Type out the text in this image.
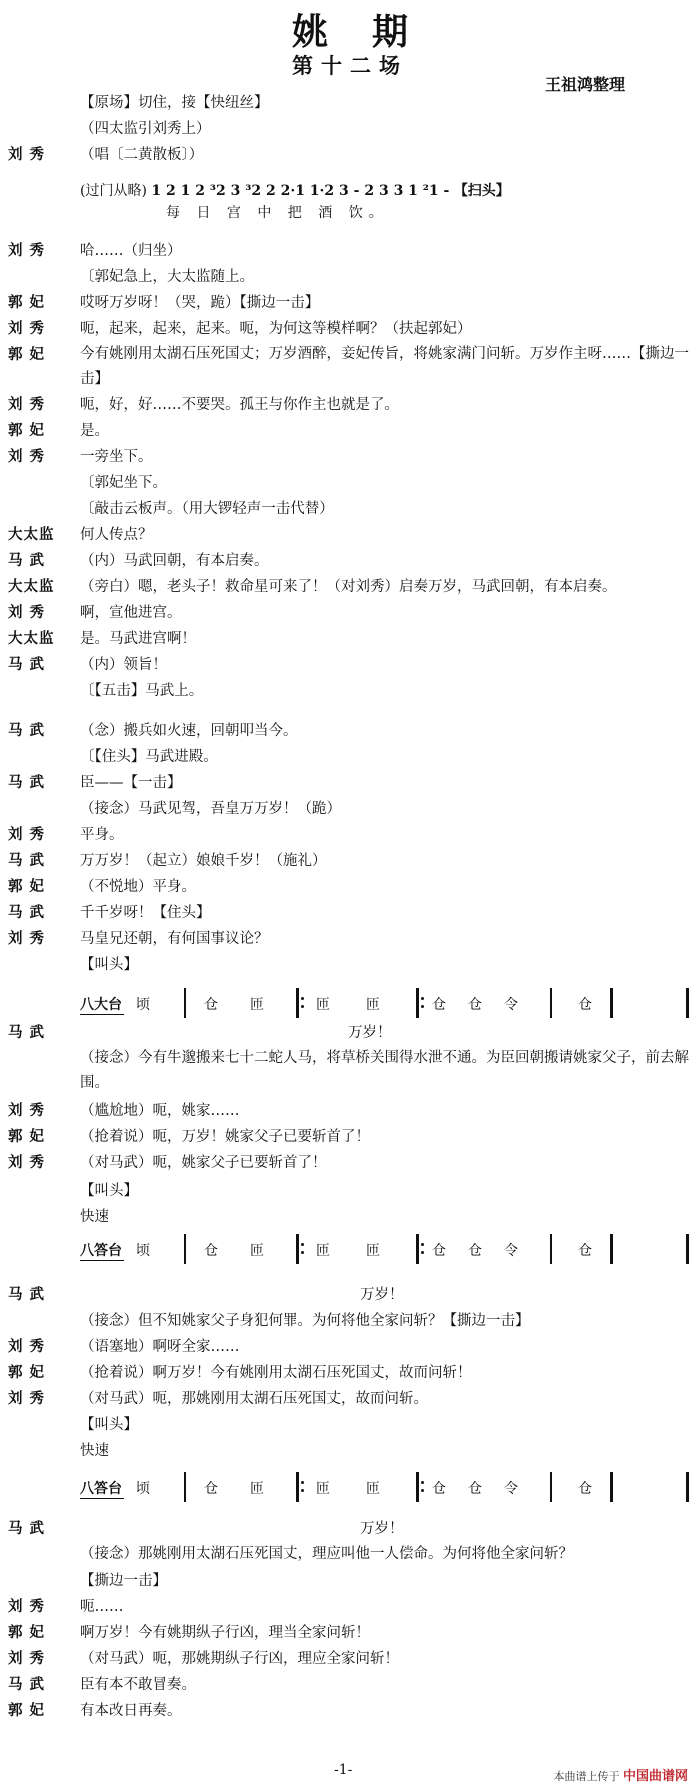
姚期
第十二场
王祖鸿整理
【原场】切住，接【快纽丝】
（四太监引刘秀上）
刘 秀	（唱〔二黄散板〕）
刘 秀	哈……（归坐）
〔郭妃急上，大太监随上。
郭 妃	哎呀万岁呀！（哭，跪）【撕边一击】
刘 秀	呃，起来，起来，起来。呃，为何这等模样啊？（扶起郭妃）
郭 妃	今有姚刚用太湖石压死国丈；万岁酒醉，妾妃传旨，将姚家满门问斩。万岁作主呀……【撕边一击】
刘 秀	呃，好，好……不要哭。孤王与你作主也就是了。
郭 妃	是。
刘 秀	一旁坐下。
〔郭妃坐下。
〔敲击云板声。（用大锣轻声一击代替）
大太监	何人传点？
马 武	（内）马武回朝，有本启奏。
大太监	（旁白）嗯，老头子！救命星可来了！（对刘秀）启奏万岁，马武回朝，有本启奏。
刘 秀	啊，宣他进宫。
大太监	是。马武进宫啊！
马 武	（内）领旨！
〔【五击】马武上。
马 武	（念）搬兵如火速，回朝叩当今。
〔【住头】马武进殿。
马 武	臣——【一击】
（接念）马武见驾，吾皇万万岁！（跪）
刘 秀	平身。
马 武	万万岁！（起立）娘娘千岁！（施礼）
郭 妃	（不悦地）平身。
马 武	千千岁呀！【住头】
刘 秀	马皇兄还朝，有何国事议论？
【叫头】
马 武	万岁！
（接念）今有牛邈搬来七十二蛇人马，将草桥关围得水泄不通。为臣回朝搬请姚家父子，前去解围。
刘 秀	（尴尬地）呃，姚家……
郭 妃	（抢着说）呃，万岁！姚家父子已要斩首了！
刘 秀	（对马武）呃，姚家父子已要斩首了！
【叫头】
快速
马 武	万岁！
（接念）但不知姚家父子身犯何罪。为何将他全家问斩？【撕边一击】
刘 秀	（语塞地）啊呀全家……
郭 妃	（抢着说）啊万岁！今有姚刚用太湖石压死国丈，故而问斩！
刘 秀	（对马武）呃，那姚刚用太湖石压死国丈，故而问斩。
【叫头】
快速
马 武	万岁！
（接念）那姚刚用太湖石压死国丈，理应叫他一人偿命。为何将他全家问斩？
【撕边一击】
刘 秀	呃……
郭 妃	啊万岁！今有姚期纵子行凶，理当全家问斩！
刘 秀	（对马武）呃，那姚期纵子行凶，理应全家问斩！
马 武	臣有本不敢冒奏。
郭 妃	有本改日再奏。
(过门从略) 1 2 1 2 ³2 3 ³2 2 2·1 1·2 3 - 2 3 3 1 ²1 - 【扫头】
每 日 宫 中 把 酒 饮。
八大台 顷	仓 匝	匝	匝	仓 仓 令	仓
八答台 顷	仓 匝	匝	匝	仓 仓 令	仓
八答台 顷	仓 匝	匝	匝	仓 仓 令	仓
-1-	本曲谱上传于 中国曲谱网
